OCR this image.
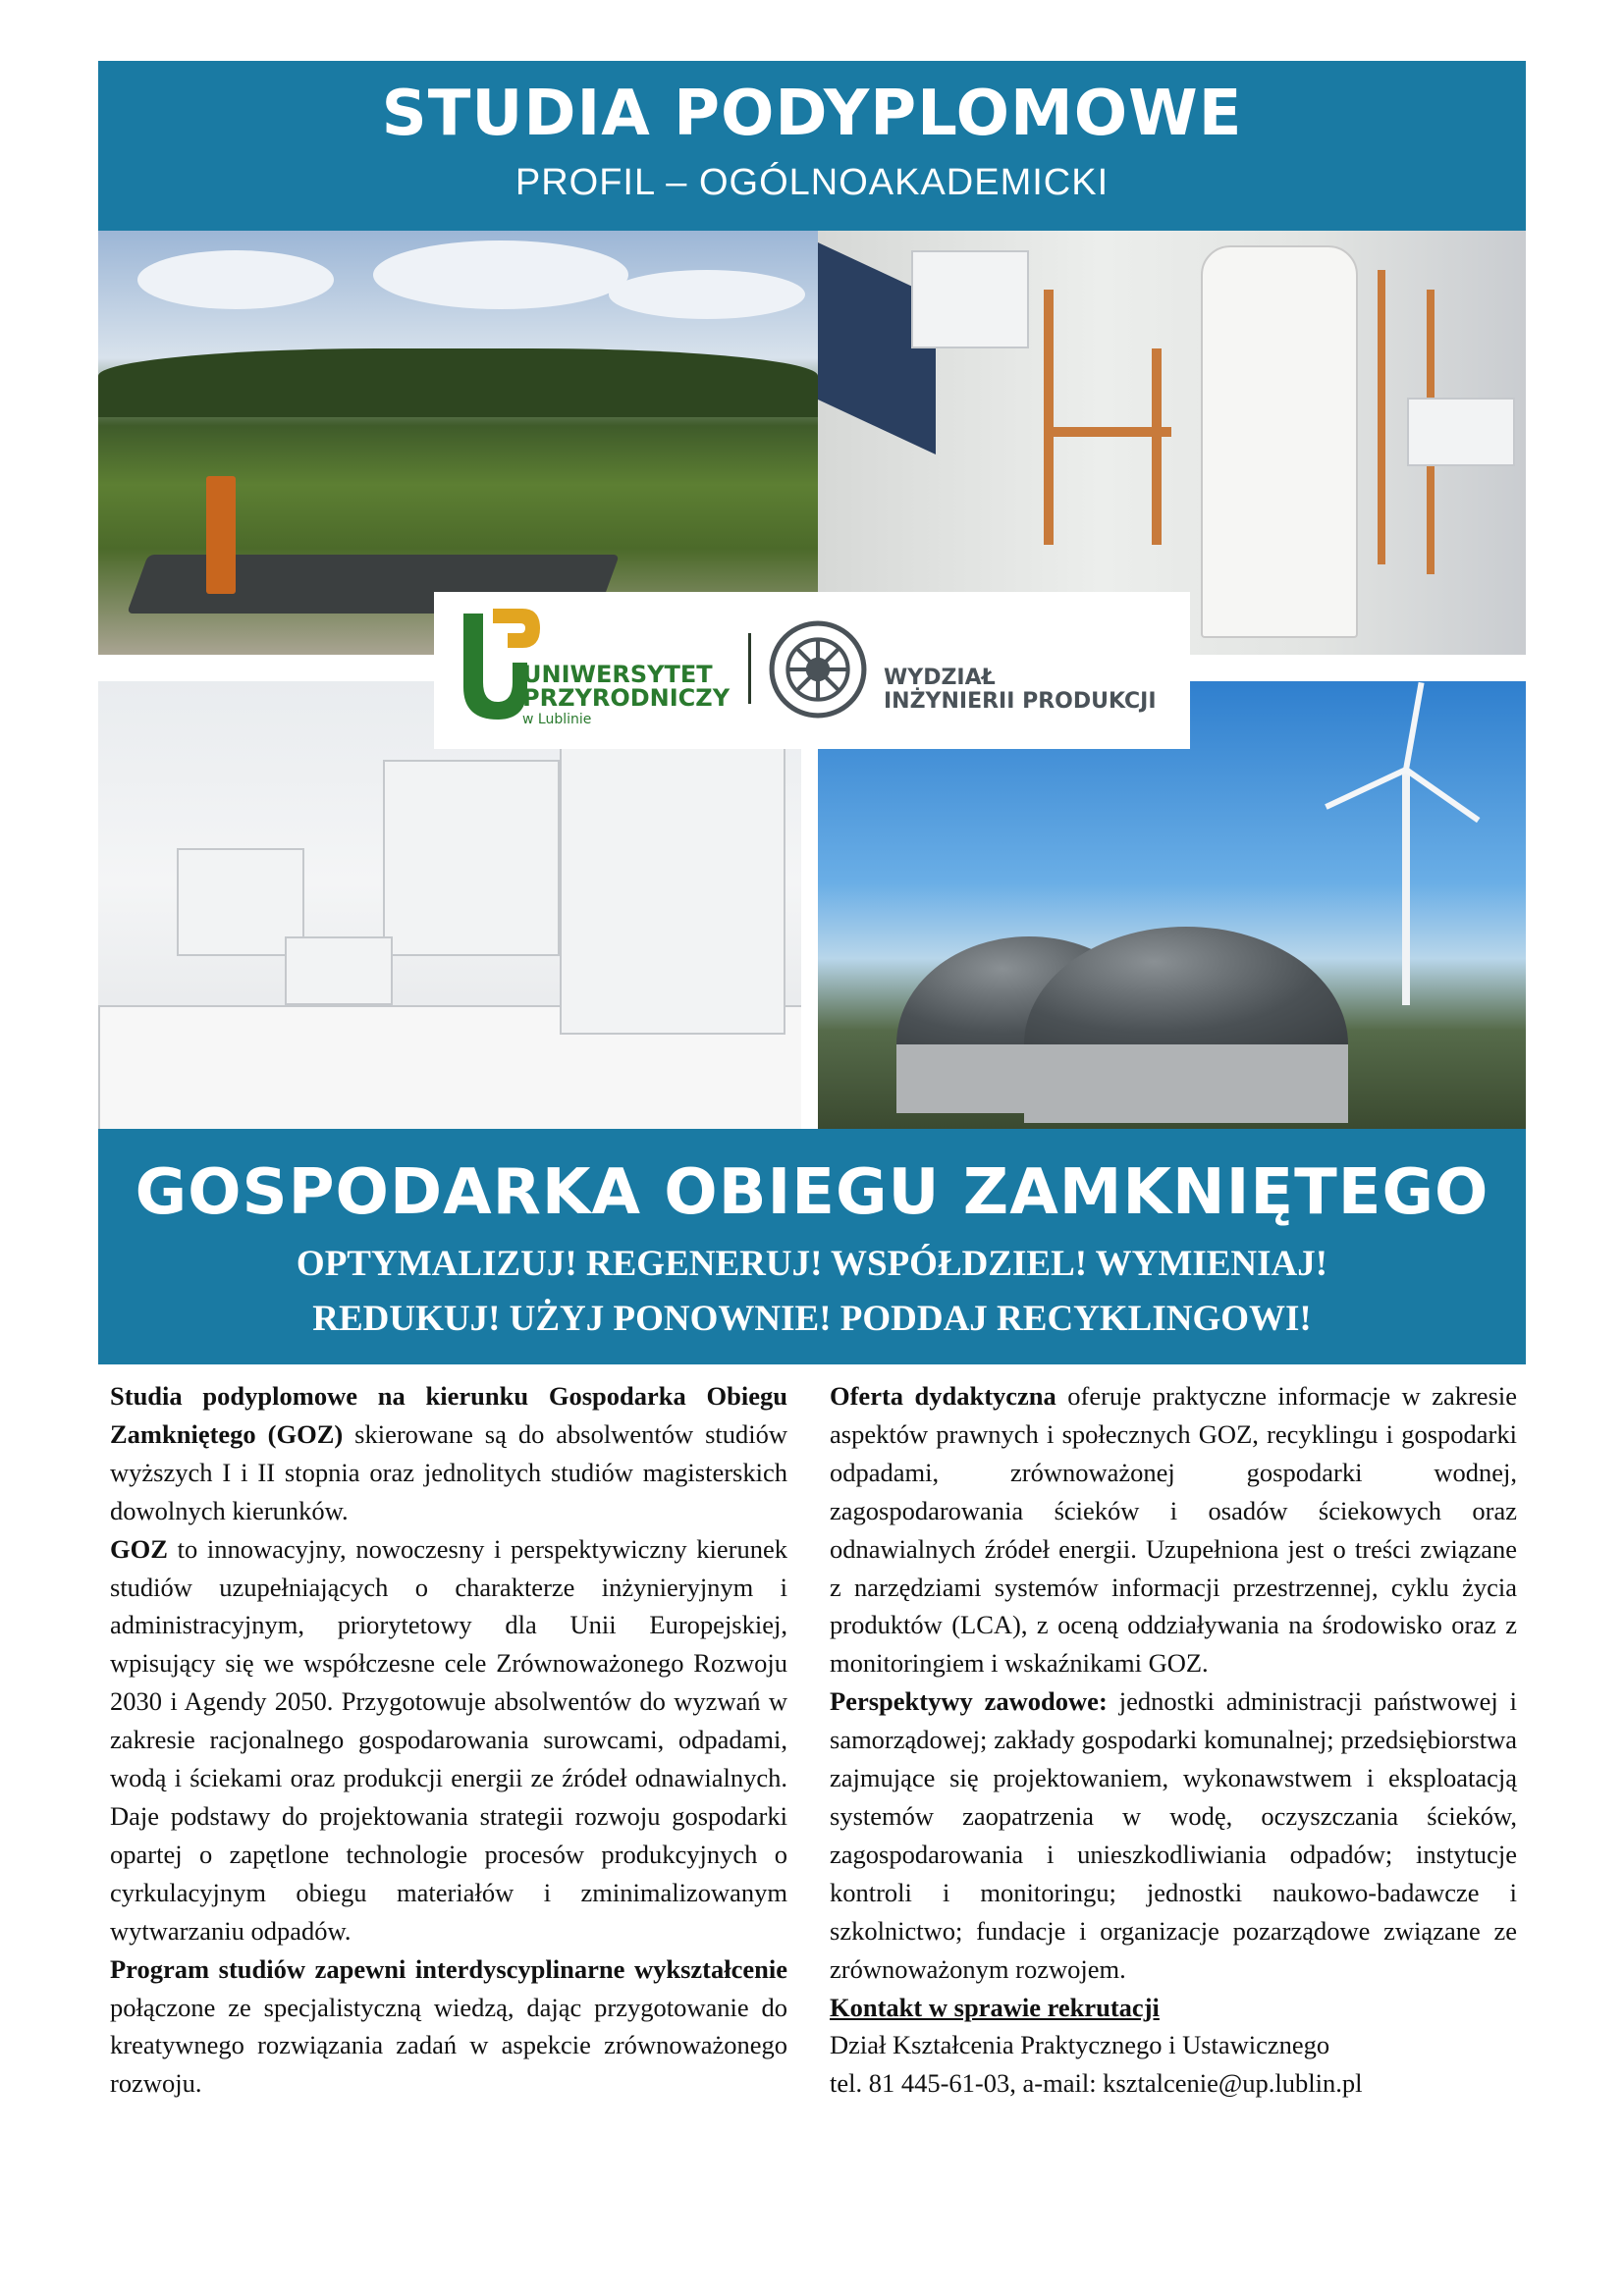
STUDIA PODYPLOMOWE
PROFIL – OGÓLNOAKADEMICKI
UNIWERSYTET
PRZYRODNICZY
w Lublinie
WYDZIAŁ
INŻYNIERII PRODUKCJI
GOSPODARKA OBIEGU ZAMKNIĘTEGO
OPTYMALIZUJ! REGENERUJ! WSPÓŁDZIEL! WYMIENIAJ!
REDUKUJ! UŻYJ PONOWNIE! PODDAJ RECYKLINGOWI!

Studia podyplomowe na kierunku Gospodarka Obiegu Zamkniętego (GOZ) skierowane są do absolwentów studiów wyższych I i II stopnia oraz jednolitych studiów magisterskich dowolnych kierunków.

GOZ to innowacyjny, nowoczesny i perspektywiczny kierunek studiów uzupełniających o charakterze inżynieryjnym i administracyjnym, priorytetowy dla Unii Europejskiej, wpisujący się we współczesne cele Zrównoważonego Rozwoju 2030 i Agendy 2050. Przygotowuje absolwentów do wyzwań w zakresie racjonalnego gospodarowania surowcami, odpadami, wodą i ściekami oraz produkcji energii ze źródeł odnawialnych. Daje podstawy do projektowania strategii rozwoju gospodarki opartej o zapętlone technologie procesów produkcyjnych o cyrkulacyjnym obiegu materiałów i zminimalizowanym wytwarzaniu odpadów.

Program studiów zapewni interdyscyplinarne wykształcenie połączone ze specjalistyczną wiedzą, dając przygotowanie do kreatywnego rozwiązania zadań w aspekcie zrównoważonego rozwoju.

Oferta dydaktyczna oferuje praktyczne informacje w zakresie aspektów prawnych i społecznych GOZ, recyklingu i gospodarki odpadami, zrównoważonej gospodarki wodnej, zagospodarowania ścieków i osadów ściekowych oraz odnawialnych źródeł energii. Uzupełniona jest o treści związane z narzędziami systemów informacji przestrzennej, cyklu życia produktów (LCA), z oceną oddziaływania na środowisko oraz z monitoringiem i wskaźnikami GOZ.

Perspektywy zawodowe: jednostki administracji państwowej i samorządowej; zakłady gospodarki komunalnej; przedsiębiorstwa zajmujące się projektowaniem, wykonawstwem i eksploatacją systemów zaopatrzenia w wodę, oczyszczania ścieków, zagospodarowania i unieszkodliwiania odpadów; instytucje kontroli i monitoringu; jednostki naukowo-badawcze i szkolnictwo; fundacje i organizacje pozarządowe związane ze zrównoważonym rozwojem.

Kontakt w sprawie rekrutacji

Dział Kształcenia Praktycznego i Ustawicznego

tel. 81 445-61-03, a-mail: ksztalcenie@up.lublin.pl
